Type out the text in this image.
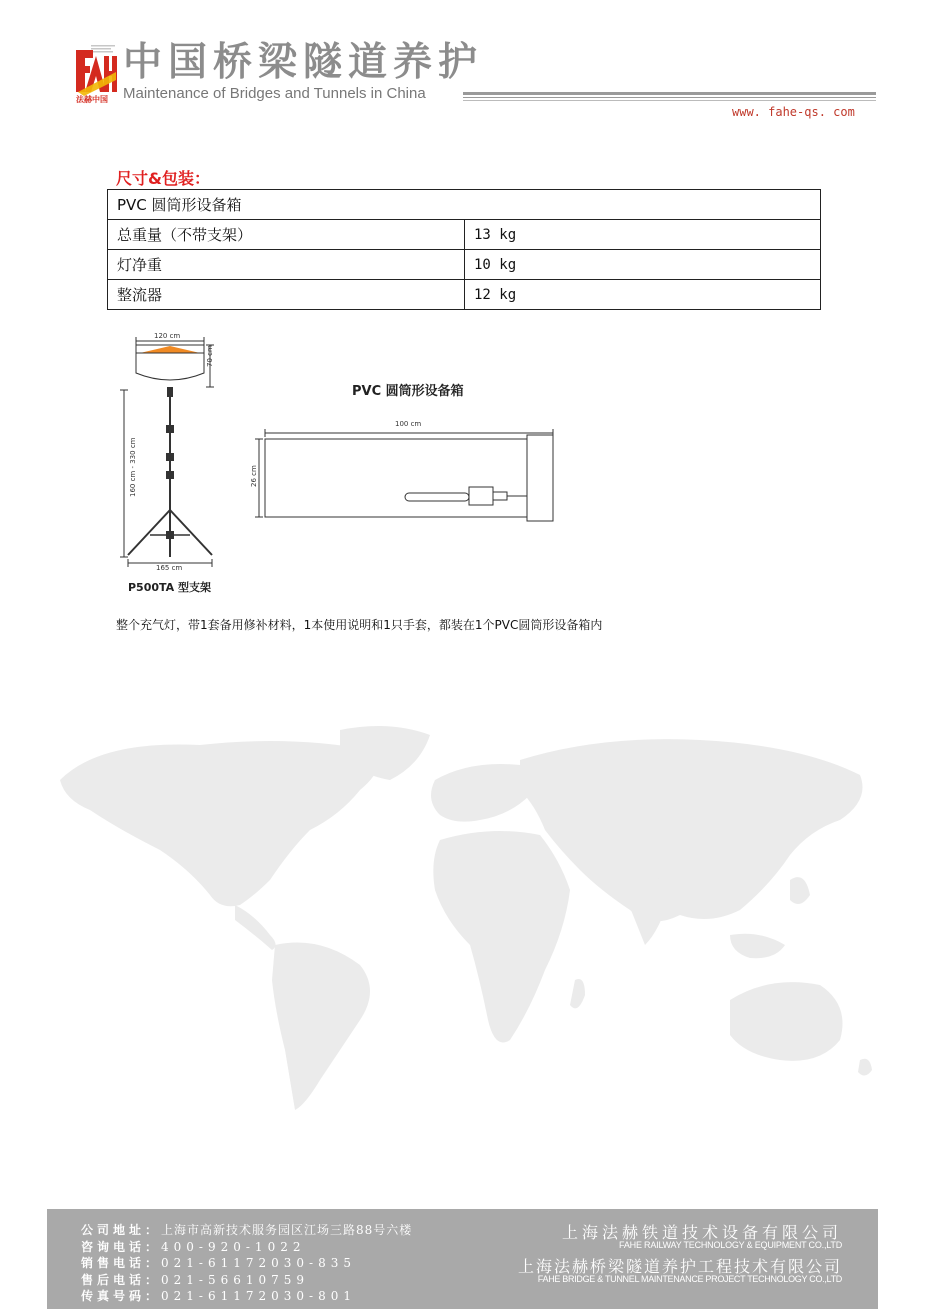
法赫中国
中国桥梁隧道养护
Maintenance of Bridges and Tunnels in China
www. fahe-qs. com
尺寸&包装：
PVC 圆筒形设备箱	
总重量（不带支架）	13 kg
灯净重	10 kg
整流器	12 kg
120 cm
70 cm
160 cm - 330 cm
165 cm
P500TA 型支架
PVC 圆筒形设备箱
100 cm
26 cm
整个充气灯，带1套备用修补材料，1本使用说明和1只手套，都装在1个PVC圆筒形设备箱内
公司地址：上海市高新技术服务园区江场三路88号六楼
咨询电话：400-920-1022
销售电话：021-61172030-835
售后电话：021-56610759
传真号码：021-61172030-801
上海法赫铁道技术设备有限公司
FAHE RAILWAY TECHNOLOGY & EQUIPMENT CO.,LTD
上海法赫桥梁隧道养护工程技术有限公司
FAHE BRIDGE & TUNNEL MAINTENANCE PROJECT TECHNOLOGY CO.,LTD
